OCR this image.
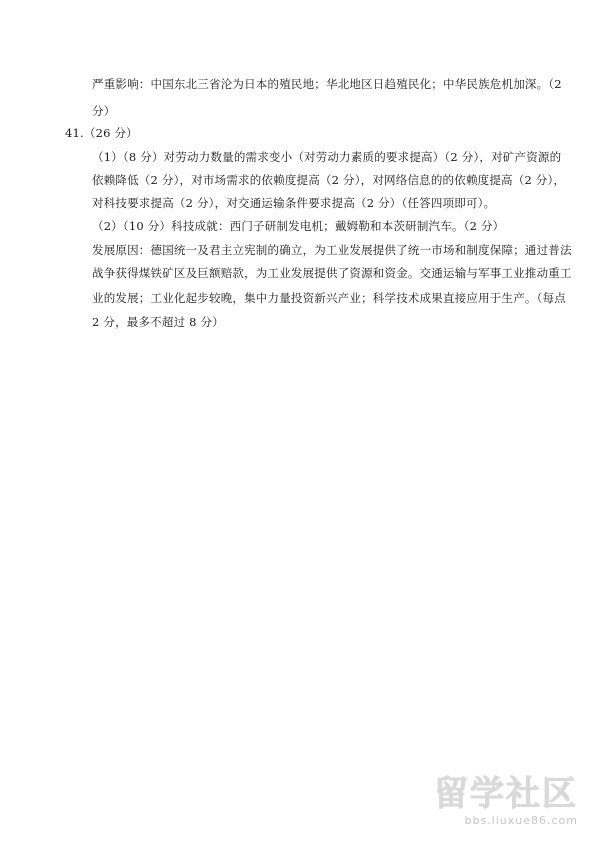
严重影响：中国东北三省沦为日本的殖民地；华北地区日趋殖民化；中华民族危机加深。（2
分）
41.（26 分）
（1）（8 分）对劳动力数量的需求变小（对劳动力素质的要求提高）（2 分），对矿产资源的
依赖降低（2 分），对市场需求的依赖度提高（2 分），对网络信息的的依赖度提高（2 分），
对科技要求提高（2 分），对交通运输条件要求提高（2 分）（任答四项即可）。
（2）（10 分）科技成就：西门子研制发电机；戴姆勒和本茨研制汽车。（2 分）
发展原因：德国统一及君主立宪制的确立，为工业发展提供了统一市场和制度保障；通过普法
战争获得煤铁矿区及巨额赔款，为工业发展提供了资源和资金。交通运输与军事工业推动重工
业的发展；工业化起步较晚，集中力量投资新兴产业；科学技术成果直接应用于生产。（每点
2 分，最多不超过 8 分）
留学社区
bbs.liuxue86.com
